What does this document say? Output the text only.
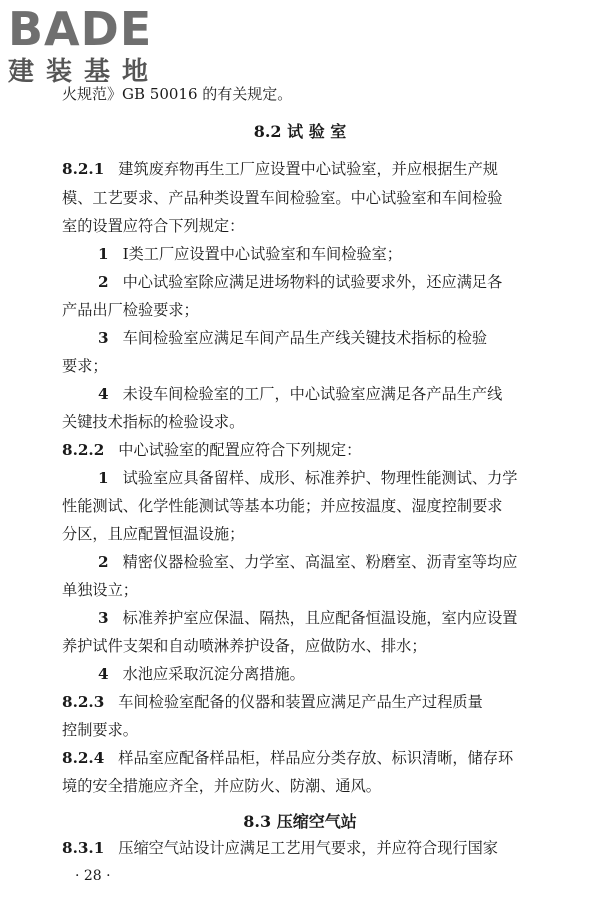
BADE
建装基地
火规范》GB 50016 的有关规定。
8.2 试 验 室
8.2.1 建筑废弃物再生工厂应设置中心试验室，并应根据生产规
模、工艺要求、产品种类设置车间检验室。中心试验室和车间检验
室的设置应符合下列规定：
1 Ⅰ类工厂应设置中心试验室和车间检验室；
2 中心试验室除应满足进场物料的试验要求外，还应满足各
产品出厂检验要求；
3 车间检验室应满足车间产品生产线关键技术指标的检验
要求；
4 未设车间检验室的工厂，中心试验室应满足各产品生产线
关键技术指标的检验设求。
8.2.2 中心试验室的配置应符合下列规定：
1 试验室应具备留样、成形、标准养护、物理性能测试、力学
性能测试、化学性能测试等基本功能；并应按温度、湿度控制要求
分区，且应配置恒温设施；
2 精密仪器检验室、力学室、高温室、粉磨室、沥青室等均应
单独设立；
3 标准养护室应保温、隔热，且应配备恒温设施，室内应设置
养护试件支架和自动喷淋养护设备，应做防水、排水；
4 水池应采取沉淀分离措施。
8.2.3 车间检验室配备的仪器和装置应满足产品生产过程质量
控制要求。
8.2.4 样品室应配备样品柜，样品应分类存放、标识清晰，储存环
境的安全措施应齐全，并应防火、防潮、通风。
8.3 压缩空气站
8.3.1 压缩空气站设计应满足工艺用气要求，并应符合现行国家
· 28 ·
